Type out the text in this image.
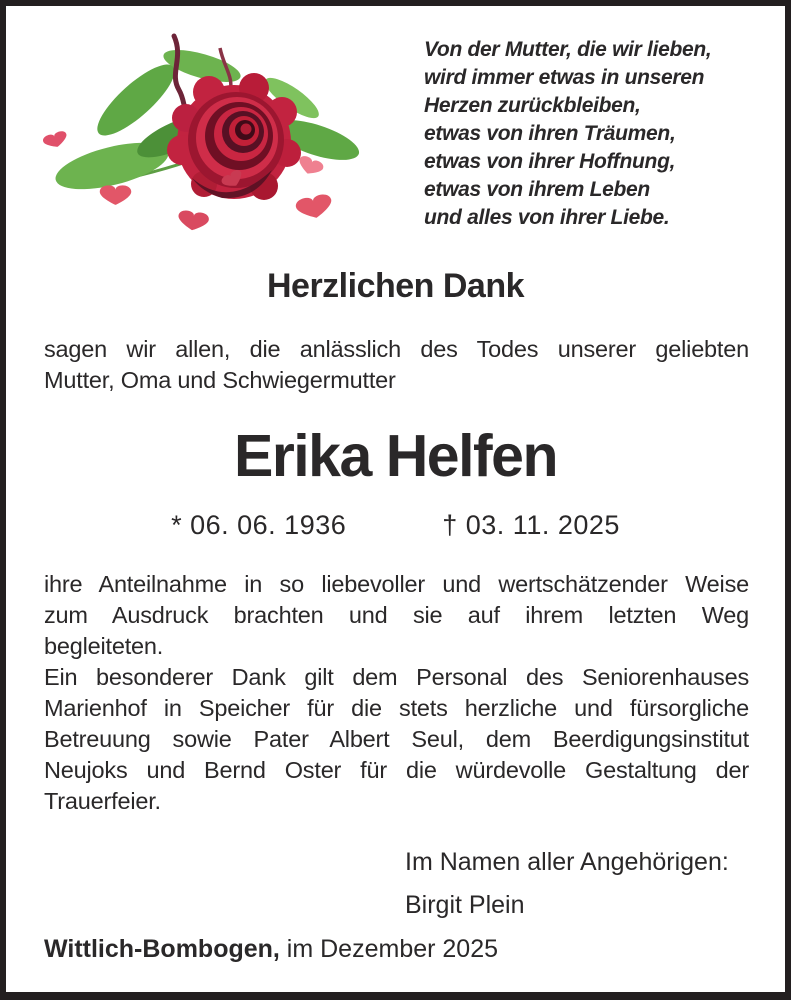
Von der Mutter, die wir lieben,
wird immer etwas in unseren
Herzen zurückbleiben,
etwas von ihren Träumen,
etwas von ihrer Hoffnung,
etwas von ihrem Leben
und alles von ihrer Liebe.
Herzlichen Dank
sagen wir allen, die anlässlich des Todes unserer geliebten
Mutter, Oma und Schwiegermutter
Erika Helfen
* 06. 06. 1936	† 03. 11. 2025
ihre Anteilnahme in so liebevoller und wertschätzender Weise
zum Ausdruck brachten und sie auf ihrem letzten Weg
begleiteten.
Ein besonderer Dank gilt dem Personal des Seniorenhauses
Marienhof in Speicher für die stets herzliche und fürsorgliche
Betreuung sowie Pater Albert Seul, dem Beerdigungsinstitut
Neujoks und Bernd Oster für die würdevolle Gestaltung der
Trauerfeier.
Im Namen aller Angehörigen:
Birgit Plein
Wittlich-Bombogen, im Dezember 2025
